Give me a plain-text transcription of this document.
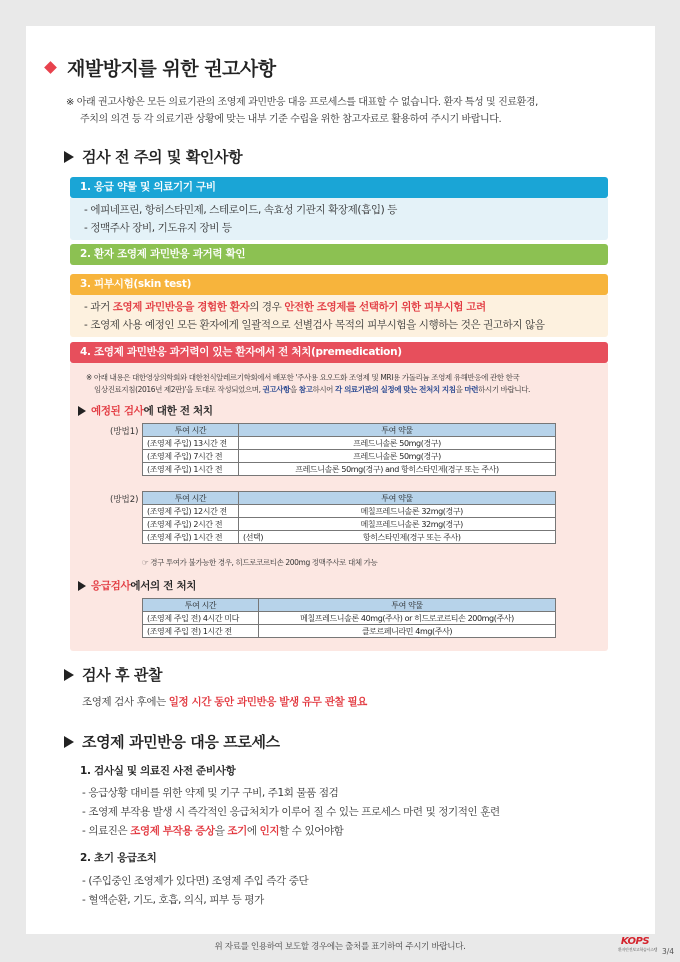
재발방지를 위한 권고사항
※ 아래 권고사항은 모든 의료기관의 조영제 과민반응 대응 프로세스를 대표할 수 없습니다. 환자 특성 및 진료환경,
주치의 의견 등 각 의료기관 상황에 맞는 내부 기준 수립을 위한 참고자료로 활용하여 주시기 바랍니다.
검사 전 주의 및 확인사항
1. 응급 약물 및 의료기기 구비
- 에피네프린, 항히스타민제, 스테로이드, 속효성 기관지 확장제(흡입) 등
- 정맥주사 장비, 기도유지 장비 등
2. 환자 조영제 과민반응 과거력 확인
3. 피부시험(skin test)
- 과거 조영제 과민반응을 경험한 환자의 경우 안전한 조영제를 선택하기 위한 피부시험 고려
- 조영제 사용 예정인 모든 환자에게 일괄적으로 선별검사 목적의 피부시험을 시행하는 것은 권고하지 않음
4. 조영제 과민반응 과거력이 있는 환자에서 전 처치(premedication)
※ 아래 내용은 대한영상의학회와 대한천식알레르기학회에서 배포한 '주사용 요오드화 조영제 및 MRI용 가돌리늄 조영제 유해반응에 관한 한국
임상진료지침(2016년 제2판)'을 토대로 작성되었으며, 권고사항을 참고하시어 각 의료기관의 실정에 맞는 전처치 지침을 마련하시기 바랍니다.
예정된 검사 에 대한 전 처치
(방법1)	투여 시간	투여 약물
(조영제 주입) 13시간 전	프레드니솔론 50mg(경구)
(조영제 주입) 7시간 전	프레드니솔론 50mg(경구)
(조영제 주입) 1시간 전	프레드니솔론 50mg(경구) and 항히스타민제(경구 또는 주사)
(방법2)	투여 시간	투여 약물	
(조영제 주입) 12시간 전		메칠프레드니솔론 32mg(경구)
(조영제 주입) 2시간 전		메칠프레드니솔론 32mg(경구)
(조영제 주입) 1시간 전	(선택)	항히스타민제(경구 또는 주사)
☞ 경구 투여가 불가능한 경우, 히드로코르티손 200mg 정맥주사로 대체 가능
응급검사 에서의 전 처치
투여 시간	투여 약물
(조영제 주입 전) 4시간 미다	메칠프레드니솔론 40mg(주사) or 히드로코르티손 200mg(주사)
(조영제 주입 전) 1시간 전	클로르페니라민 4mg(주사)
검사 후 관찰
조영제 검사 후에는 일정 시간 동안 과민반응 발생 유무 관찰 필요
조영제 과민반응 대응 프로세스
1. 검사실 및 의료진 사전 준비사항
- 응급상황 대비를 위한 약제 및 기구 구비, 주1회 물품 점검
- 조영제 부작용 발생 시 즉각적인 응급처치가 이루어 질 수 있는 프로세스 마련 및 정기적인 훈련
- 의료진은 조영제 부작용 증상을 조기에 인지할 수 있어야함
2. 초기 응급조치
- (주입중인 조영제가 있다면) 조영제 주입 즉각 중단
- 혈액순환, 기도, 호흡, 의식, 피부 등 평가
위 자료를 인용하여 보도할 경우에는 출처를 표기하여 주시기 바랍니다.	KOPS
환자안전보고학습시스템 3/4
